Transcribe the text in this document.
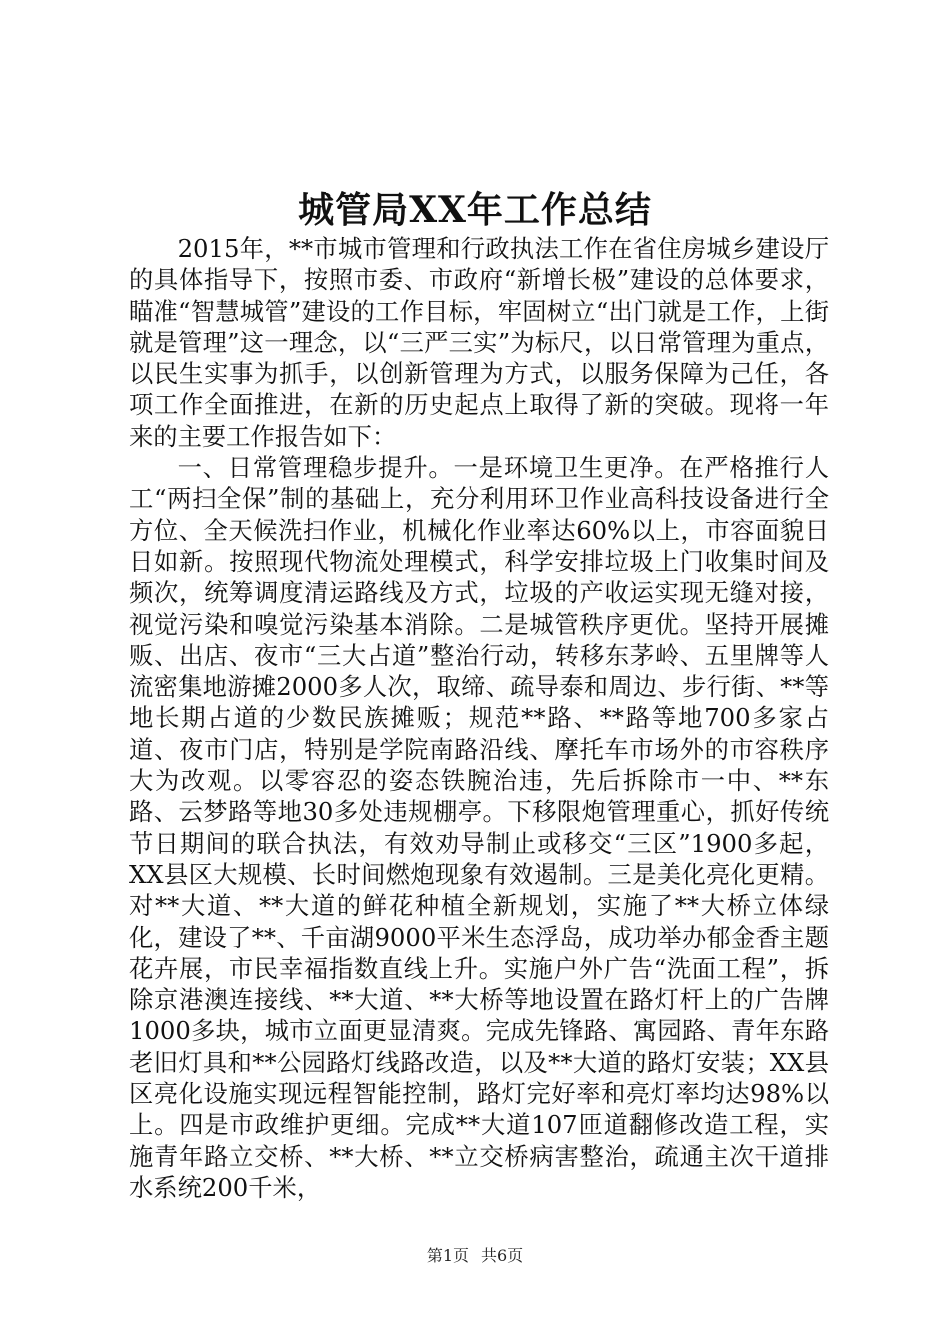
城管局XX年工作总结

2015年，**市城市管理和行政执法工作在省住房城乡建设厅的具体指导下，按照市委、市政府“新增长极”建设的总体要求，瞄准“智慧城管”建设的工作目标，牢固树立“出门就是工作，上街就是管理”这一理念，以“三严三实”为标尺，以日常管理为重点，以民生实事为抓手，以创新管理为方式，以服务保障为己任，各项工作全面推进，在新的历史起点上取得了新的突破。现将一年来的主要工作报告如下：

一、日常管理稳步提升。一是环境卫生更净。在严格推行人工“两扫全保”制的基础上，充分利用环卫作业高科技设备进行全方位、全天候洗扫作业，机械化作业率达60%以上，市容面貌日日如新。按照现代物流处理模式，科学安排垃圾上门收集时间及频次，统筹调度清运路线及方式，垃圾的产收运实现无缝对接，视觉污染和嗅觉污染基本消除。二是城管秩序更优。坚持开展摊贩、出店、夜市“三大占道”整治行动，转移东茅岭、五里牌等人流密集地游摊2000多人次，取缔、疏导泰和周边、步行街、**等地长期占道的少数民族摊贩；规范**路、**路等地700多家占道、夜市门店，特别是学院南路沿线、摩托车市场外的市容秩序大为改观。以零容忍的姿态铁腕治违，先后拆除市一中、**东路、云梦路等地30多处违规棚亭。下移限炮管理重心，抓好传统节日期间的联合执法，有效劝导制止或移交“三区”1900多起，XX县区大规模、长时间燃炮现象有效遏制。三是美化亮化更精。对**大道、**大道的鲜花种植全新规划，实施了**大桥立体绿化，建设了**、千亩湖9000平米生态浮岛，成功举办郁金香主题花卉展，市民幸福指数直线上升。实施户外广告“洗面工程”，拆除京港澳连接线、**大道、**大桥等地设置在路灯杆上的广告牌1000多块，城市立面更显清爽。完成先锋路、寓园路、青年东路老旧灯具和**公园路灯线路改造，以及**大道的路灯安装；XX县区亮化设施实现远程智能控制，路灯完好率和亮灯率均达98%以上。四是市政维护更细。完成**大道107匝道翻修改造工程，实施青年路立交桥、**大桥、**立交桥病害整治，疏通主次干道排水系统200千米，

第1页 共6页
